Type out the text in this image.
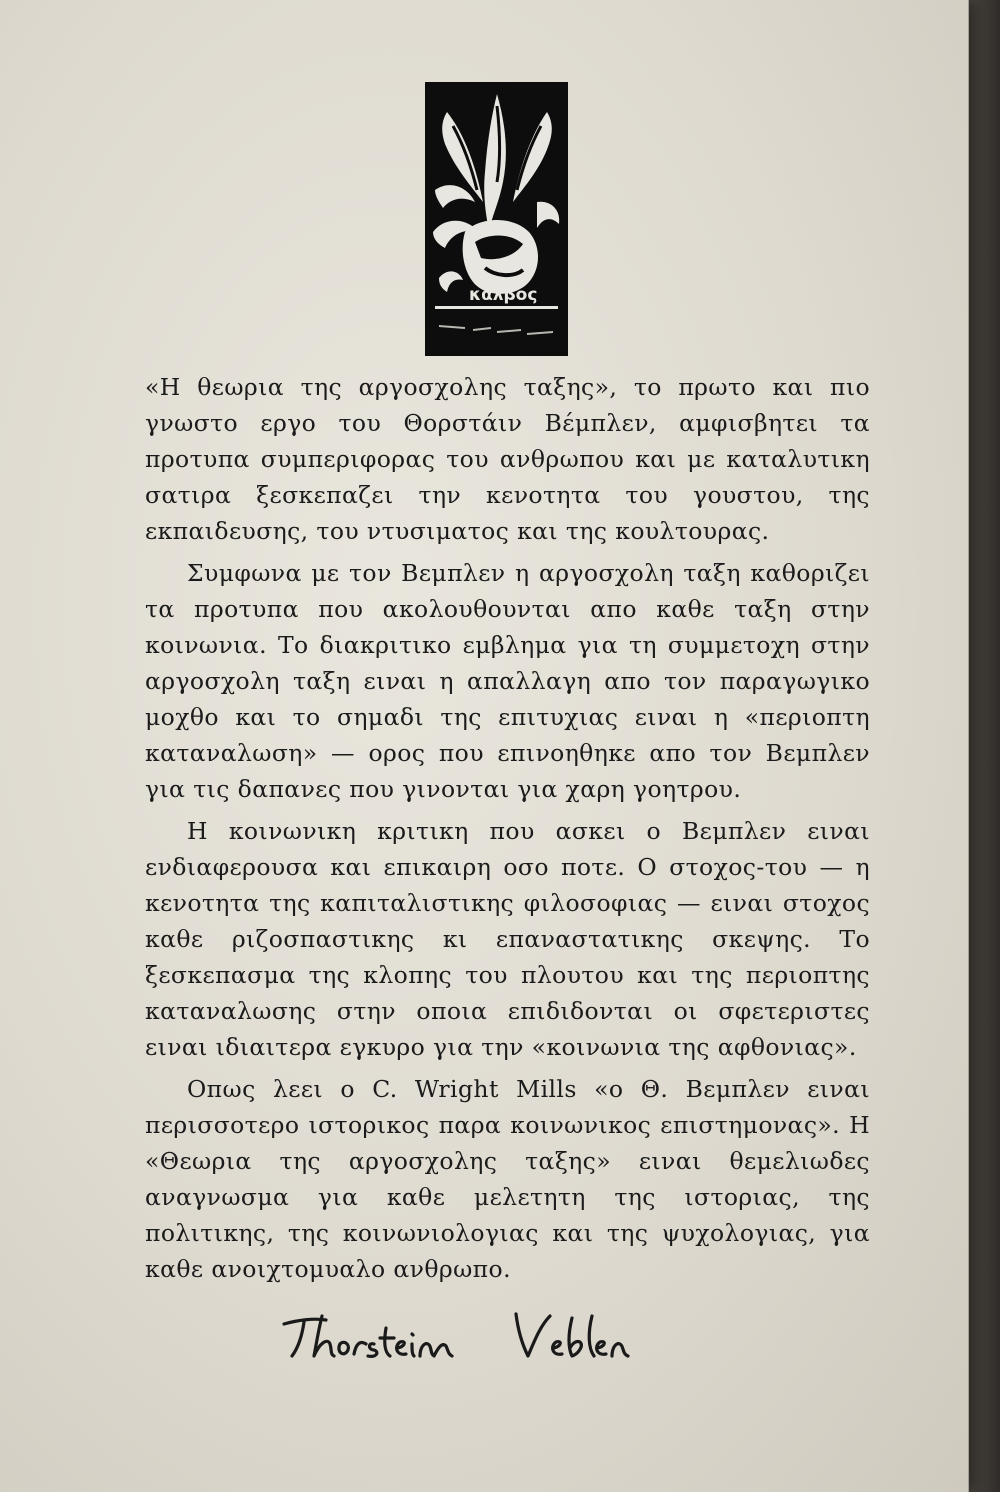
καλβος

«Η θεωρια της αργοσχολης ταξης», το πρωτο και πιο γνωστο εργο του Θορστάιν Βέμπλεν, αμφισβητει τα προτυπα συμπεριφορας του ανθρωπου και με καταλυτικη σατιρα ξεσκεπαζει την κενοτητα του γουστου, της εκπαιδευσης, του ντυσιματος και της κουλτουρας.

Συμφωνα με τον Βεμπλεν η αργοσχολη ταξη καθοριζει τα προτυπα που ακολουθουνται απο καθε ταξη στην κοινωνια. Το διακριτικο εμβλημα για τη συμμετοχη στην αργοσχολη ταξη ειναι η απαλλαγη απο τον παραγωγικο μοχθο και το σημαδι της επιτυχιας ειναι η «περιοπτη καταναλωση» — ορος που επινοηθηκε απο τον Βεμπλεν για τις δαπανες που γινονται για χαρη γοητρου.

Η κοινωνικη κριτικη που ασκει ο Βεμπλεν ειναι ενδιαφερουσα και επικαιρη οσο ποτε. Ο στοχος-του — η κενοτητα της καπιταλιστικης φιλοσοφιας — ειναι στοχος καθε ριζοσπαστικης κι επαναστατικης σκεψης. Το ξεσκεπασμα της κλοπης του πλουτου και της περιοπτης καταναλωσης στην οποια επιδιδονται οι σφετεριστες ειναι ιδιαιτερα εγκυρο για την «κοινωνια της αφθονιας».

Οπως λεει ο C. Wright Mills «ο Θ. Βεμπλεν ειναι περισσοτερο ιστορικος παρα κοινωνικος επιστημονας». Η «Θεωρια της αργοσχολης ταξης» ειναι θεμελιωδες αναγνωσμα για καθε μελετητη της ιστοριας, της πολιτικης, της κοινωνιολογιας και της ψυχολογιας, για καθε ανοιχτομυαλο ανθρωπο.
